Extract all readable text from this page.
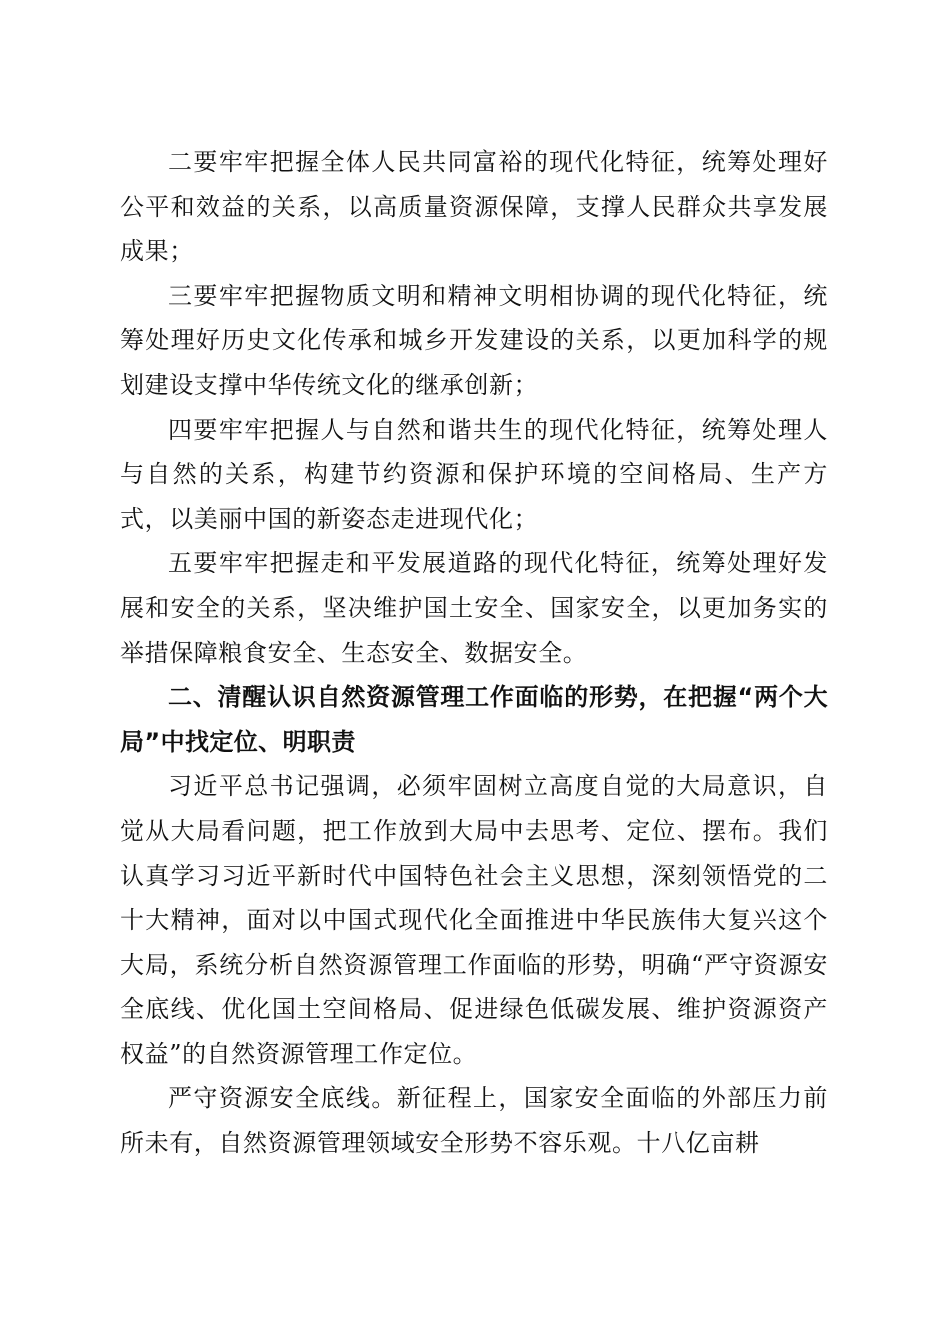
二要牢牢把握全体人民共同富裕的现代化特征，统筹处理好公平和效益的关系，以高质量资源保障，支撑人民群众共享发展成果；

三要牢牢把握物质文明和精神文明相协调的现代化特征，统筹处理好历史文化传承和城乡开发建设的关系，以更加科学的规划建设支撑中华传统文化的继承创新；

四要牢牢把握人与自然和谐共生的现代化特征，统筹处理人与自然的关系，构建节约资源和保护环境的空间格局、生产方式，以美丽中国的新姿态走进现代化；

五要牢牢把握走和平发展道路的现代化特征，统筹处理好发展和安全的关系，坚决维护国土安全、国家安全，以更加务实的举措保障粮食安全、生态安全、数据安全。

二、清醒认识自然资源管理工作面临的形势，在把握“两个大局”中找定位、明职责

习近平总书记强调，必须牢固树立高度自觉的大局意识，自觉从大局看问题，把工作放到大局中去思考、定位、摆布。我们认真学习习近平新时代中国特色社会主义思想，深刻领悟党的二十大精神，面对以中国式现代化全面推进中华民族伟大复兴这个大局，系统分析自然资源管理工作面临的形势，明确“严守资源安全底线、优化国土空间格局、促进绿色低碳发展、维护资源资产权益”的自然资源管理工作定位。

严守资源安全底线。新征程上，国家安全面临的外部压力前所未有，自然资源管理领域安全形势不容乐观。十八亿亩耕
